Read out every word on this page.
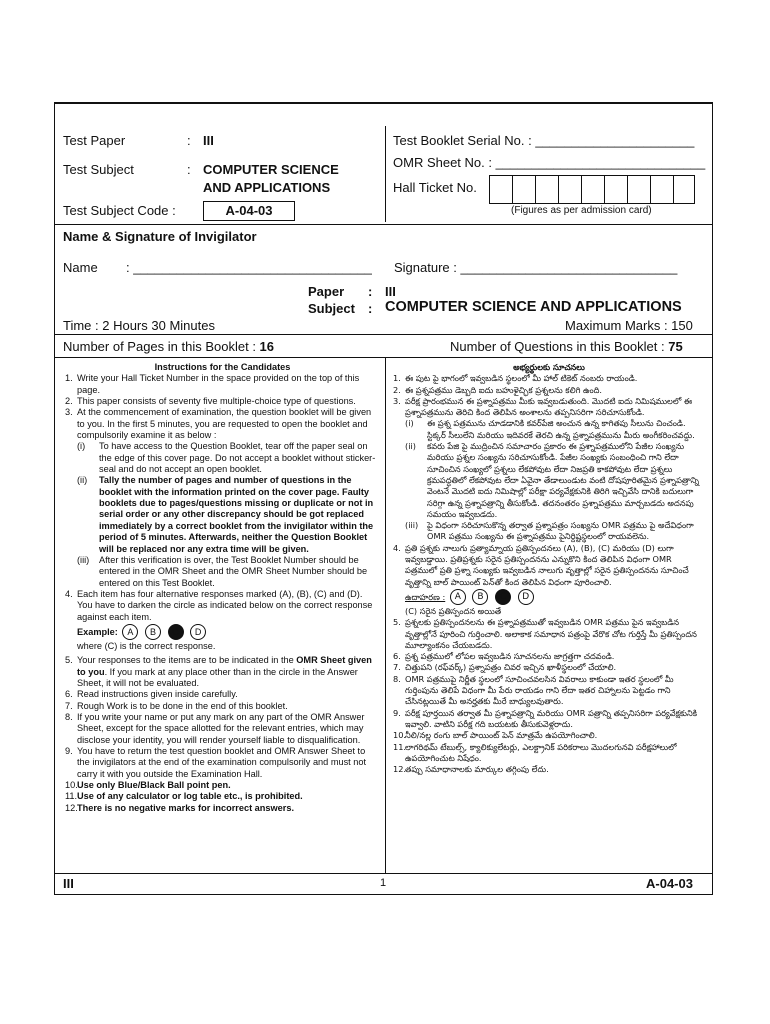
Test Paper	: III
Test Subject	: COMPUTER SCIENCE
AND APPLICATIONS
Test Subject Code :	A-04-03
Test Booklet Serial No. : ______________________
OMR Sheet No. : _____________________________
Hall Ticket No.
(Figures as per admission card)
Name & Signature of Invigilator
Name : _________________________________ Signature : ______________________________
Paper : III
Subject : COMPUTER SCIENCE AND APPLICATIONS
Time : 2 Hours 30 Minutes	Maximum Marks : 150
Number of Pages in this Booklet : 16	Number of Questions in this Booklet : 75
Instructions for the Candidates
1. Write your Hall Ticket Number in the space provided on the top of this page.
2. This paper consists of seventy five multiple-choice type of questions.
3. At the commencement of examination, the question booklet will be given to you. In the first 5 minutes, you are requested to open the booklet and compulsorily examine it as below :
(i) To have access to the Question Booklet, tear off the paper seal on the edge of this cover page. Do not accept a booklet without sticker-seal and do not accept an open booklet.
(ii) Tally the number of pages and number of questions in the booklet with the information printed on the cover page. Faulty booklets due to pages/questions missing or duplicate or not in serial order or any other discrepancy should be got replaced immediately by a correct booklet from the invigilator within the period of 5 minutes. Afterwards, neither the Question Booklet will be replaced nor any extra time will be given.
(iii) After this verification is over, the Test Booklet Number should be entered in the OMR Sheet and the OMR Sheet Number should be entered on this Test Booklet.
4. Each item has four alternative responses marked (A), (B), (C) and (D). You have to darken the circle as indicated below on the correct response against each item.
Example: A B C D
where (C) is the correct response.
5. Your responses to the items are to be indicated in the OMR Sheet given to you. If you mark at any place other than in the circle in the Answer Sheet, it will not be evaluated.
6. Read instructions given inside carefully.
7. Rough Work is to be done in the end of this booklet.
8. If you write your name or put any mark on any part of the OMR Answer Sheet, except for the space allotted for the relevant entries, which may disclose your identity, you will render yourself liable to disqualification.
9. You have to return the test question booklet and OMR Answer Sheet to the invigilators at the end of the examination compulsorily and must not carry it with you outside the Examination Hall.
10. Use only Blue/Black Ball point pen.
11. Use of any calculator or log table etc., is prohibited.
12. There is no negative marks for incorrect answers.
అభ్యర్థులకు సూచనలు
1. ఈ పుట పై భాగంలో ఇవ్వబడిన స్థలంలో మీ హాల్ టికెట్ నంబరు రాయండి.
2. ఈ ప్రశ్నపత్రము డెబ్బది ఐదు బహుళైచ్ఛిక ప్రశ్నలను కలిగి ఉంది.
3. పరీక్ష ప్రారంభమున ఈ ప్రశ్నాపత్రము మీకు ఇవ్వబడుతుంది. మొదటి ఐదు నిమిషములలో ఈ ప్రశ్నాపత్రమును తెరిచి కింద తెలిపిన అంశాలను తప్పనిసరిగా సరిచూసుకోండి.
(i) ఈ ప్రశ్న పత్రమును చూడడానికి కవర్‌పేజి అంచున ఉన్న కాగితపు సీలును చించండి. స్టిక్కర్ సీలులేని మరియు ఇదివరకే తెరచి ఉన్న ప్రశ్నాపత్రమును మీరు అంగీకరించవద్దు.
(ii) కవరు పేజి పై ముద్రించిన సమాచారం ప్రకారం ఈ ప్రశ్నాపత్రములోని పేజీల సంఖ్యను మరియు ప్రశ్నల సంఖ్యను సరిచూసుకోండి. పేజీల సంఖ్యకు సంబంధించి గాని లేదా సూచించిన సంఖ్యలో ప్రశ్నలు లేకపోవుట లేదా నిజప్రతి కాకపోవుట లేదా ప్రశ్నలు క్రమపద్ధతిలో లేకపోవుట లేదా ఏవైనా తేడాలుండుట వంటి దోషపూరితమైన ప్రశ్నాపత్రాన్ని వెంటనే మొదటి ఐదు నిమిషాల్లో పరీక్షా పర్యవేక్షకునికి తిరిగి ఇచ్చివేసి దానికి బదులుగా సరిగ్గా ఉన్న ప్రశ్నాపత్రాన్ని తీసుకోండి. తదనంతరం ప్రశ్నాపత్రము మార్చబడదు అదనపు సమయం ఇవ్వబడదు.
(iii) పై విధంగా సరిచూసుకొన్న తర్వాత ప్రశ్నాపత్రం సంఖ్యను OMR పత్రము పై అదేవిధంగా OMR పత్రము సంఖ్యను ఈ ప్రశ్నాపత్రము పైనిర్దిష్టస్థలంలో రాయవలెను.
4. ప్రతి ప్రశ్నకు నాలుగు ప్రత్యామ్నాయ ప్రతిస్పందనలు (A), (B), (C) మరియు (D) లుగా ఇవ్వబడ్డాయి. ప్రతిప్రశ్నకు సరైన ప్రతిస్పందనను ఎన్నుకొని కింద తెలిపిన విధంగా OMR పత్రములో ప్రతి ప్రశ్నా సంఖ్యకు ఇవ్వబడిన నాలుగు వృత్తాల్లో సరైన ప్రతిస్పందనను సూచించే వృత్తాన్ని బాల్ పాయింట్ పెన్‌తో కింద తెలిపిన విధంగా పూరించాలి.
ఉదాహరణ : A B C D
(C) సరైన ప్రతిస్పందన అయితే
5. ప్రశ్నలకు ప్రతిస్పందనలను ఈ ప్రశ్నాపత్రముతో ఇవ్వబడిన OMR పత్రము పైన ఇవ్వబడిన వృత్తాల్లోనే పూరించి గుర్తించాలి. అలాకాక సమాధాన పత్రంపై వేరొక చోట గుర్తిస్తే మీ ప్రతిస్పందన మూల్యాంకనం చేయబడదు.
6. ప్రశ్న పత్రములో లోపల ఇవ్వబడిన సూచనలను జాగ్రత్తగా చదవండి.
7. చిత్తుపని (రఫ్‌వర్క్) ప్రశ్నాపత్రం చివర ఇచ్చిన ఖాళీస్థలంలో చేయాలి.
8. OMR పత్రముపై నిర్ణీత స్థలంలో సూచించవలసిన వివరాలు కాకుండా ఇతర స్థలంలో మీ గుర్తింపును తెలిపే విధంగా మీ పేరు రాయడం గాని లేదా ఇతర చిహ్నాలను పెట్టడం గాని చేసినట్లయితే మీ అనర్హతకు మీరే బాధ్యులవుతారు.
9. పరీక్ష పూర్తయిన తర్వాత మీ ప్రశ్నాపత్రాన్ని మరియు OMR పత్రాన్ని తప్పనిసరిగా పర్యవేక్షకునికి ఇవ్వాలి. వాటిని పరీక్ష గది బయటకు తీసుకువెళ్లరాదు.
10.
నీలి/నల్ల రంగు బాల్ పాయింట్ పెన్ మాత్రమే ఉపయోగించాలి.
11.
లాగరిథమ్ టేబుల్స్, క్యాలిక్యులేటర్లు, ఎలక్ట్రానిక్ పరికరాలు మొదలగునవి పరీక్షహాలులో ఉపయోగించుట నిషేధం.
12.
తప్పు సమాధానాలకు మార్కుల తగ్గింపు లేదు.
III	1	A-04-03
